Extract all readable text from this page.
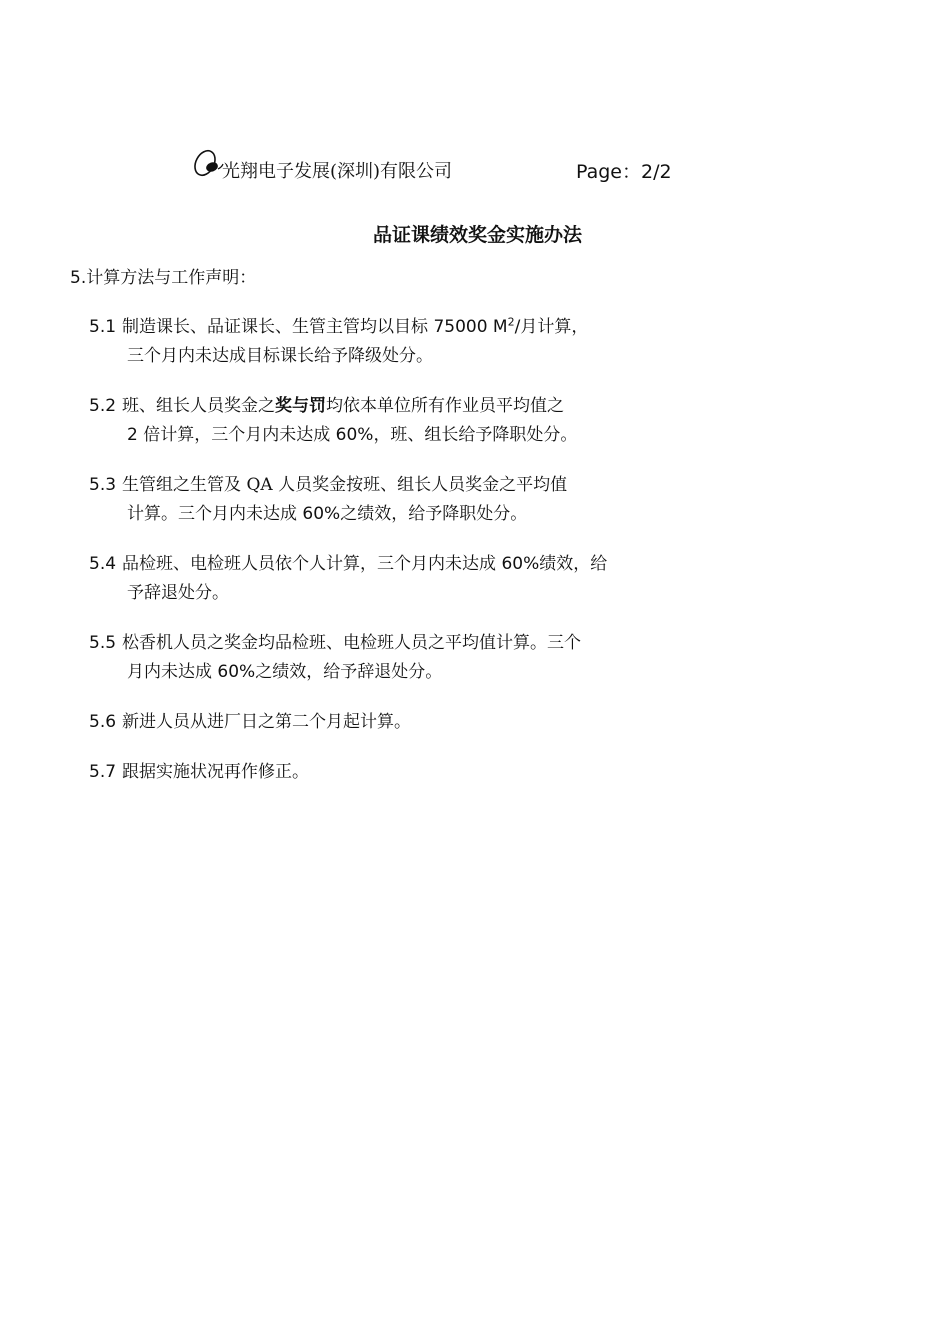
光翔电子发展(深圳)有限公司	Page：2/2
品证课绩效奖金实施办法
5.计算方法与工作声明：
5.1 制造课长、品证课长、生管主管均以目标 75000 $M^2/$月计算，
三个月内未达成目标课长给予降级处分。
5.2 班、组长人员奖金之奖与罚均依本单位所有作业员平均值之
2 倍计算，三个月内未达成 60%，班、组长给予降职处分。
5.3 生管组之生管及 QA 人员奖金按班、组长人员奖金之平均值
计算。三个月内未达成 60%之绩效，给予降职处分。
5.4 品检班、电检班人员依个人计算，三个月内未达成 60%绩效，给
予辞退处分。
5.5 松香机人员之奖金均品检班、电检班人员之平均值计算。三个
月内未达成 60%之绩效，给予辞退处分。
5.6 新进人员从进厂日之第二个月起计算。
5.7 跟据实施状况再作修正。
